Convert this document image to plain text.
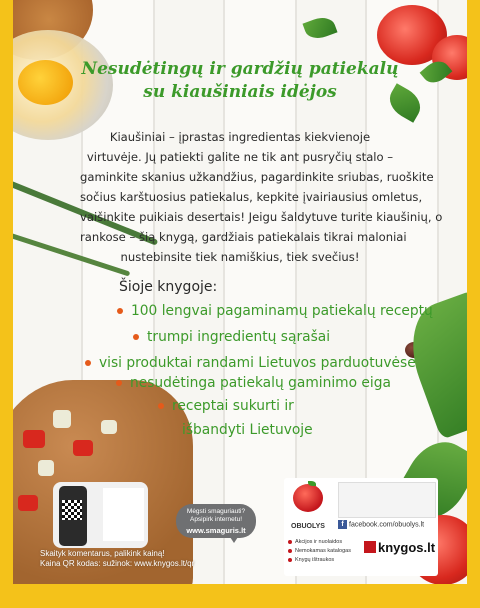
Nesudėtingų ir gardžių patiekalų
su kiaušiniais idėjos
Kiaušiniai – įprastas ingredientas kiekvienoje
virtuvėje. Jų patiekti galite ne tik ant pusryčių stalo –
gaminkite skanius užkandžius, pagardinkite sriubas, ruoškite
sočius karštuosius patiekalus, kepkite įvairiausius omletus,
vaišinkite puikiais desertais! Jeigu šaldytuve turite kiaušinių, o
rankose – šią knygą, gardžiais patiekalais tikrai maloniai
nustebinsite tiek namiškius, tiek svečius!
Šioje knygoje:
100 lengvai pagaminamų patiekalų receptų
trumpi ingredientų sąrašai
visi produktai randami Lietuvos parduotuvėse
nesudėtinga patiekalų gaminimo eiga
receptai sukurti ir
išbandyti Lietuvoje
Skaityk komentarus, palikink kainą!
Kaina QR kodas: sužinok: www.knygos.lt/qr
Mėgsti smaguriauti?
Apsipirk internetu!
www.smaguris.lt	OBUOLYS	f facebook.com/obuolys.lt
Akcijos ir nuolaidos
Nemokamas katalogas
Knygų ištraukos
knygos.lt
